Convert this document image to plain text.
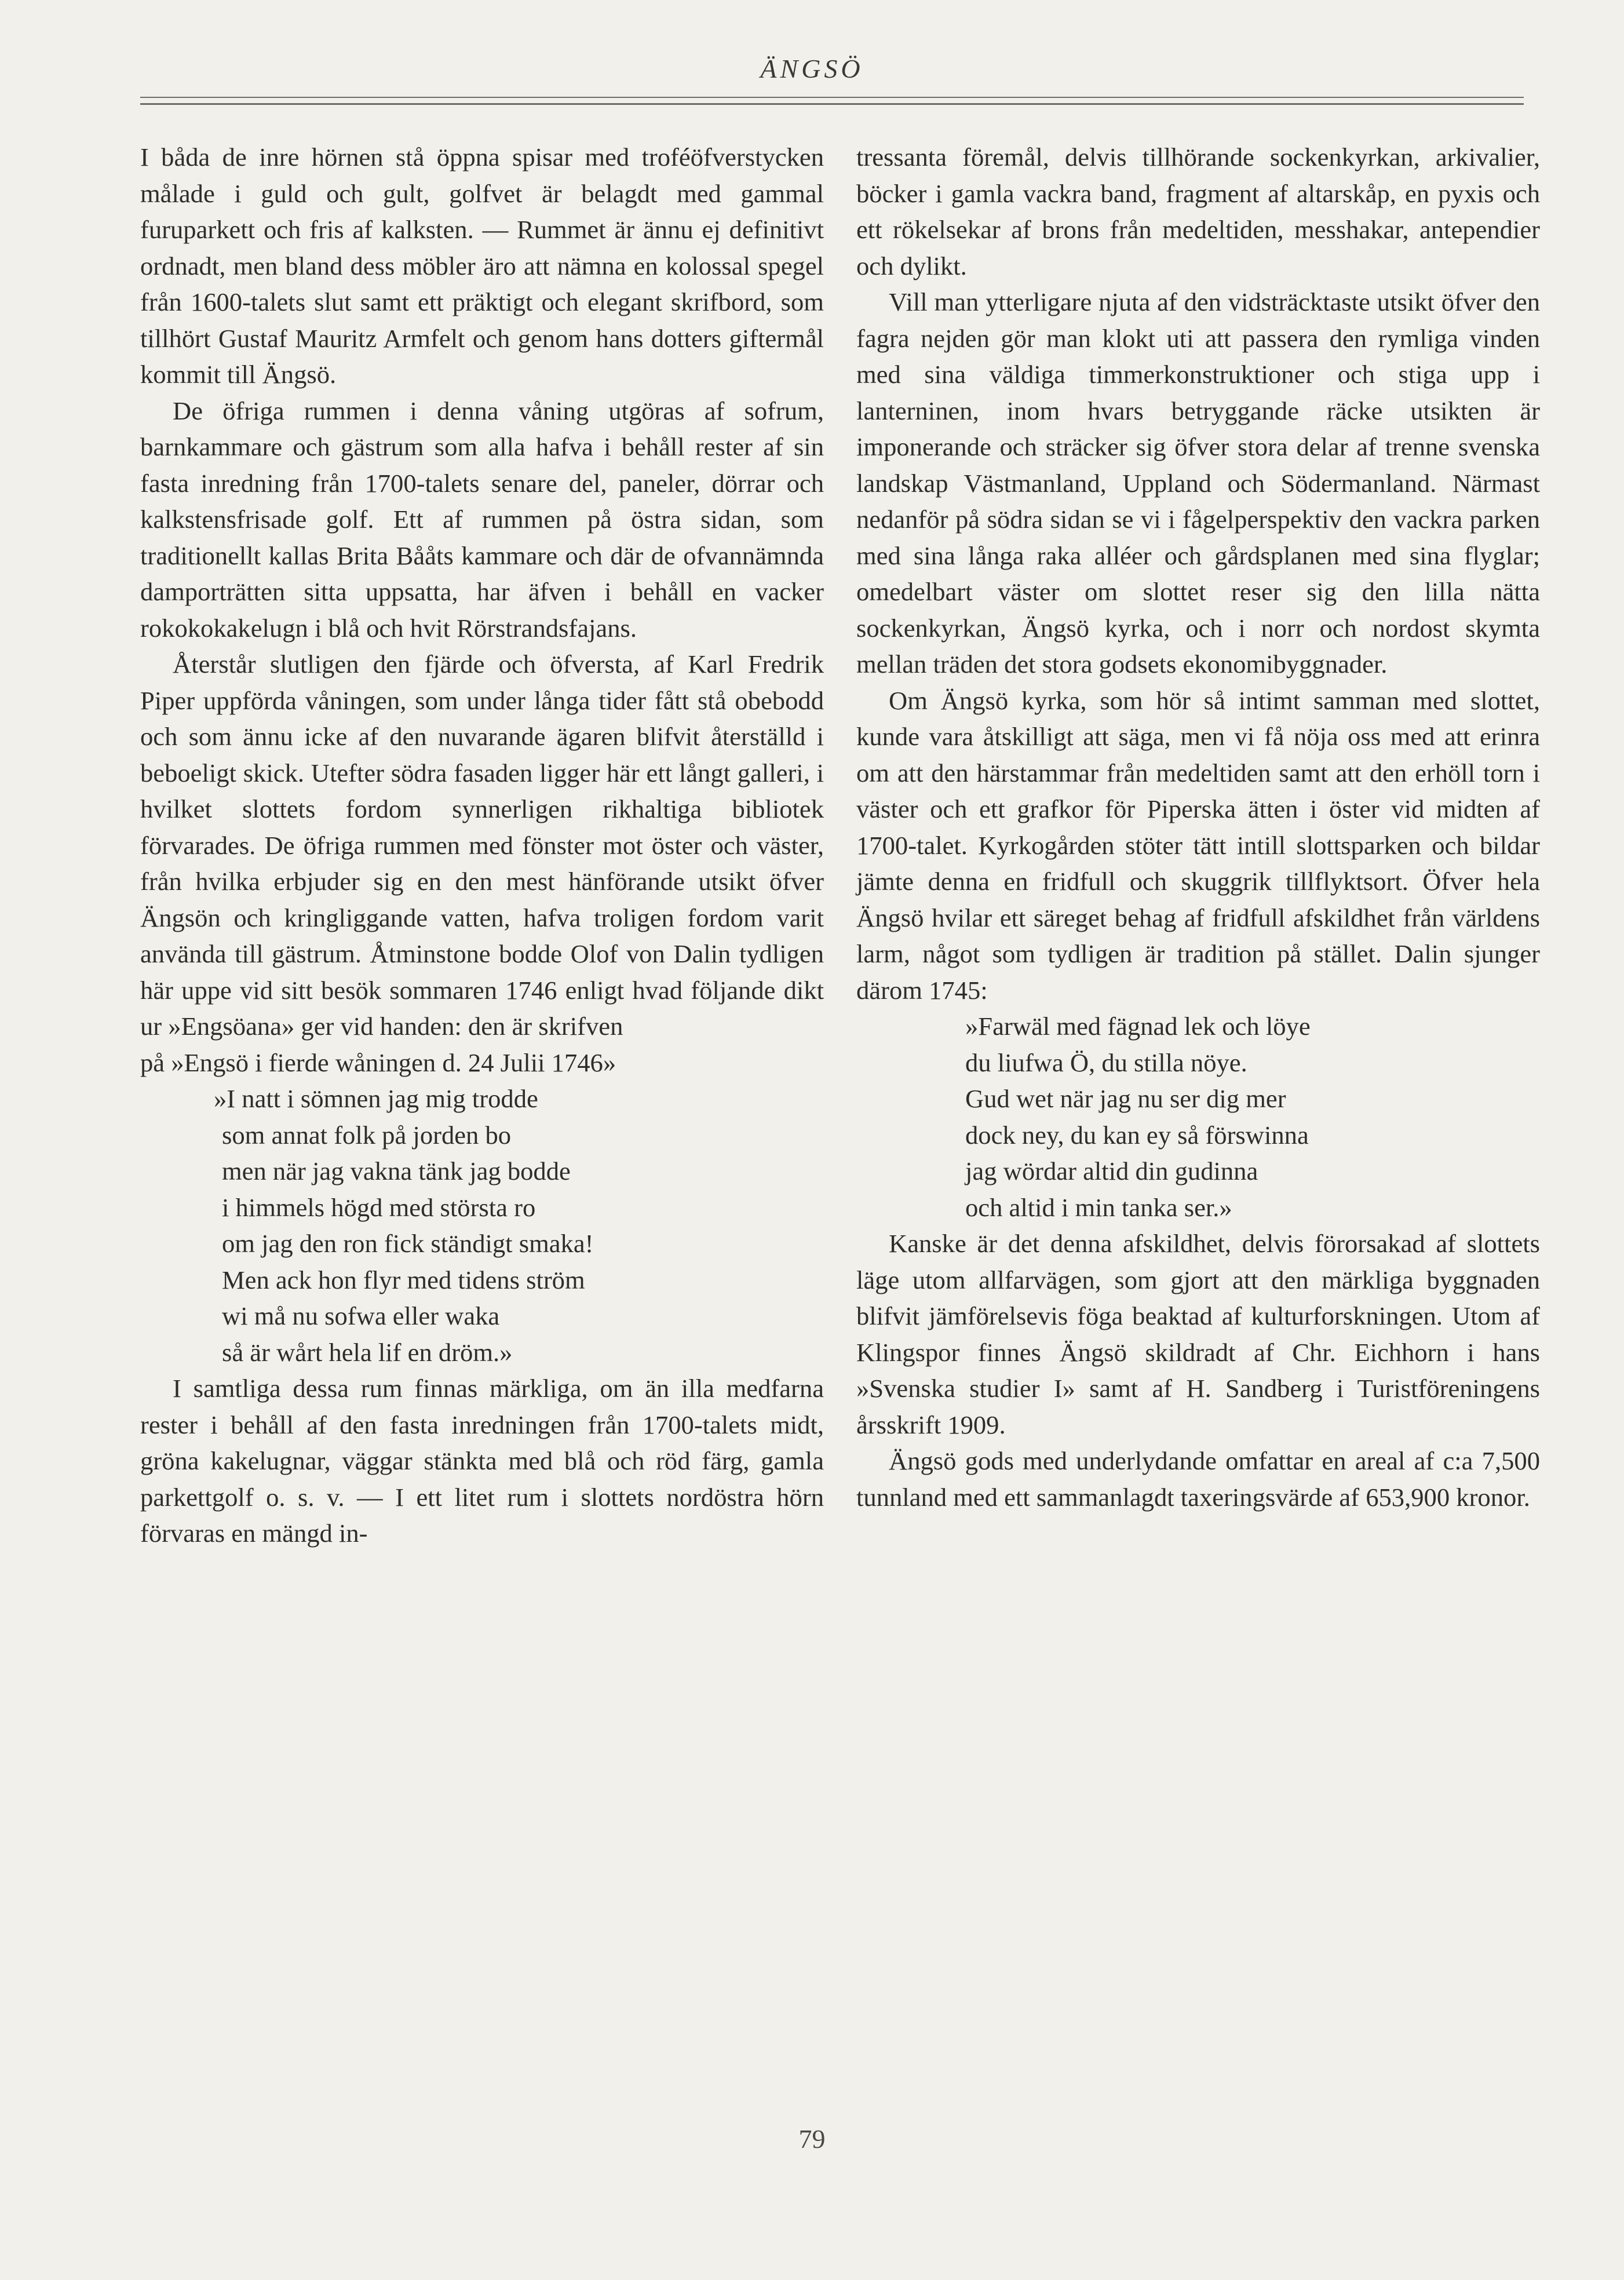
ÄNGSÖ

I båda de inre hörnen stå öppna spisar med troféöfverstycken målade i guld och gult, golfvet är belagdt med gammal furuparkett och fris af kalksten. — Rummet är ännu ej definitivt ordnadt, men bland dess möbler äro att nämna en kolossal spegel från 1600-talets slut samt ett präktigt och elegant skrifbord, som tillhört Gustaf Mauritz Armfelt och genom hans dotters giftermål kommit till Ängsö.

De öfriga rummen i denna våning utgöras af sofrum, barnkammare och gästrum som alla hafva i behåll rester af sin fasta inredning från 1700-talets senare del, paneler, dörrar och kalkstensfrisade golf. Ett af rummen på östra sidan, som traditionellt kallas Brita Bååts kammare och där de ofvannämnda damporträtten sitta uppsatta, har äfven i behåll en vacker rokokokakelugn i blå och hvit Rörstrandsfajans.

Återstår slutligen den fjärde och öfversta, af Karl Fredrik Piper uppförda våningen, som under långa tider fått stå obebodd och som ännu icke af den nuvarande ägaren blifvit återställd i beboeligt skick. Utefter södra fasaden ligger här ett långt galleri, i hvilket slottets fordom synnerligen rikhaltiga bibliotek förvarades. De öfriga rummen med fönster mot öster och väster, från hvilka erbjuder sig en den mest hänförande utsikt öfver Ängsön och kringliggande vatten, hafva troligen fordom varit använda till gästrum. Åtminstone bodde Olof von Dalin tydligen här uppe vid sitt besök sommaren 1746 enligt hvad följande dikt ur »Engsöana» ger vid handen: den är skrifven

på »Engsö i fierde wåningen d. 24 Julii 1746»

»I natt i sömnen jag mig trodde
som annat folk på jorden bo
men när jag vakna tänk jag bodde
i himmels högd med största ro
om jag den ron fick ständigt smaka!
Men ack hon flyr med tidens ström
wi må nu sofwa eller waka
så är wårt hela lif en dröm.»

I samtliga dessa rum finnas märkliga, om än illa medfarna rester i behåll af den fasta inredningen från 1700-talets midt, gröna kakelugnar, väggar stänkta med blå och röd färg, gamla parkettgolf o. s. v. — I ett litet rum i slottets nordöstra hörn förvaras en mängd in-

tressanta föremål, delvis tillhörande sockenkyrkan, arkivalier, böcker i gamla vackra band, fragment af altarskåp, en pyxis och ett rökelsekar af brons från medeltiden, messhakar, antependier och dylikt.

Vill man ytterligare njuta af den vidsträcktaste utsikt öfver den fagra nejden gör man klokt uti att passera den rymliga vinden med sina väldiga timmerkonstruktioner och stiga upp i lanterninen, inom hvars betryggande räcke utsikten är imponerande och sträcker sig öfver stora delar af trenne svenska landskap Västmanland, Uppland och Södermanland. Närmast nedanför på södra sidan se vi i fågelperspektiv den vackra parken med sina långa raka alléer och gårdsplanen med sina flyglar; omedelbart väster om slottet reser sig den lilla nätta sockenkyrkan, Ängsö kyrka, och i norr och nordost skymta mellan träden det stora godsets ekonomibyggnader.

Om Ängsö kyrka, som hör så intimt samman med slottet, kunde vara åtskilligt att säga, men vi få nöja oss med att erinra om att den härstammar från medeltiden samt att den erhöll torn i väster och ett grafkor för Piperska ätten i öster vid midten af 1700-talet. Kyrkogården stöter tätt intill slottsparken och bildar jämte denna en fridfull och skuggrik tillflyktsort. Öfver hela Ängsö hvilar ett säreget behag af fridfull afskildhet från världens larm, något som tydligen är tradition på stället. Dalin sjunger därom 1745:

»Farwäl med fägnad lek och löye
du liufwa Ö, du stilla nöye.
Gud wet när jag nu ser dig mer
dock ney, du kan ey så förswinna
jag wördar altid din gudinna
och altid i min tanka ser.»

Kanske är det denna afskildhet, delvis förorsakad af slottets läge utom allfarvägen, som gjort att den märkliga byggnaden blifvit jämförelsevis föga beaktad af kulturforskningen. Utom af Klingspor finnes Ängsö skildradt af Chr. Eichhorn i hans »Svenska studier I» samt af H. Sandberg i Turistföreningens årsskrift 1909.

Ängsö gods med underlydande omfattar en areal af c:a 7,500 tunnland med ett sammanlagdt taxeringsvärde af 653,900 kronor.

79
